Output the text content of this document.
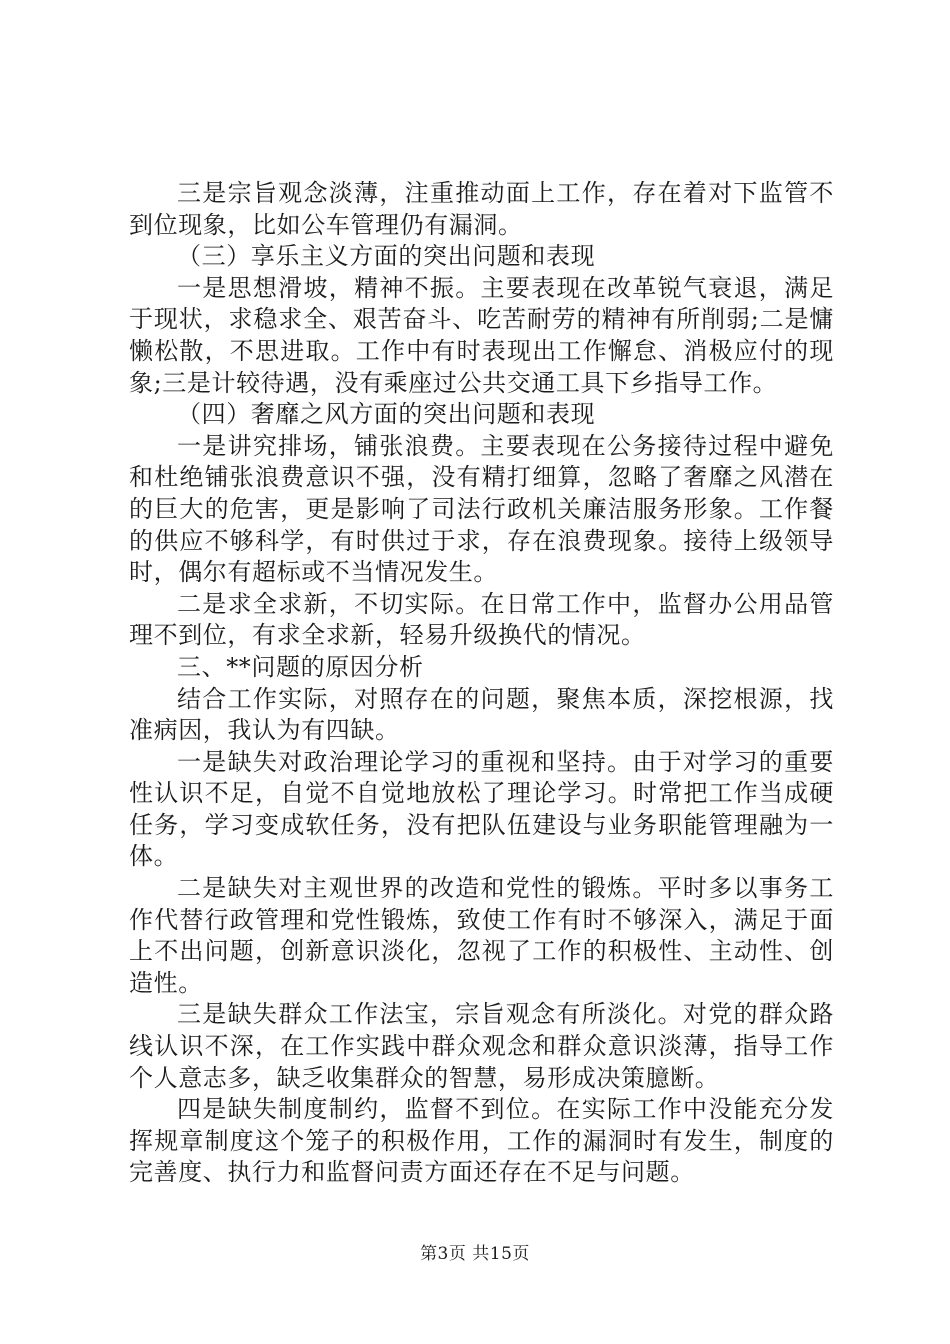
三是宗旨观念淡薄，注重推动面上工作，存在着对下监管不到位现象，比如公车管理仍有漏洞。

（三）享乐主义方面的突出问题和表现

一是思想滑坡，精神不振。主要表现在改革锐气衰退，满足于现状，求稳求全、艰苦奋斗、吃苦耐劳的精神有所削弱;二是慵懒松散，不思进取。工作中有时表现出工作懈怠、消极应付的现象;三是计较待遇，没有乘座过公共交通工具下乡指导工作。

（四）奢靡之风方面的突出问题和表现

一是讲究排场，铺张浪费。主要表现在公务接待过程中避免和杜绝铺张浪费意识不强，没有精打细算，忽略了奢靡之风潜在的巨大的危害，更是影响了司法行政机关廉洁服务形象。工作餐的供应不够科学，有时供过于求，存在浪费现象。接待上级领导时，偶尔有超标或不当情况发生。

二是求全求新，不切实际。在日常工作中，监督办公用品管理不到位，有求全求新，轻易升级换代的情况。

三、**问题的原因分析

结合工作实际，对照存在的问题，聚焦本质，深挖根源，找准病因，我认为有四缺。

一是缺失对政治理论学习的重视和坚持。由于对学习的重要性认识不足，自觉不自觉地放松了理论学习。时常把工作当成硬任务，学习变成软任务，没有把队伍建设与业务职能管理融为一体。

二是缺失对主观世界的改造和党性的锻炼。平时多以事务工作代替行政管理和党性锻炼，致使工作有时不够深入，满足于面上不出问题，创新意识淡化，忽视了工作的积极性、主动性、创造性。

三是缺失群众工作法宝，宗旨观念有所淡化。对党的群众路线认识不深，在工作实践中群众观念和群众意识淡薄，指导工作个人意志多，缺乏收集群众的智慧，易形成决策臆断。

四是缺失制度制约，监督不到位。在实际工作中没能充分发挥规章制度这个笼子的积极作用，工作的漏洞时有发生，制度的完善度、执行力和监督问责方面还存在不足与问题。

第3页 共15页
